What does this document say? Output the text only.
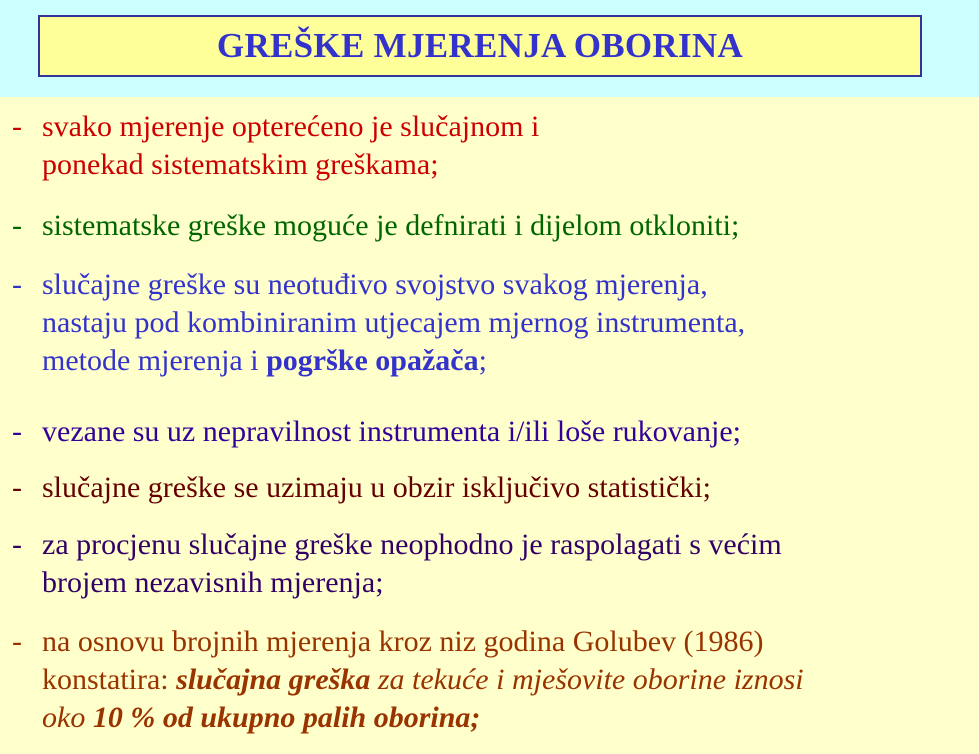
GREŠKE MJERENJA OBORINA
- svako mjerenje opterećeno je slučajnom i
ponekad sistematskim greškama;
- sistematske greške moguće je defnirati i dijelom otkloniti;
- slučajne greške su neotuđivo svojstvo svakog mjerenja,
nastaju pod kombiniranim utjecajem mjernog instrumenta,
metode mjerenja i pogrške opažača;
- vezane su uz nepravilnost instrumenta i/ili loše rukovanje;
- slučajne greške se uzimaju u obzir isključivo statistički;
- za procjenu slučajne greške neophodno je raspolagati s većim
brojem nezavisnih mjerenja;
- na osnovu brojnih mjerenja kroz niz godina Golubev (1986)
konstatira: slučajna greška za tekuće i mješovite oborine iznosi
oko 10 % od ukupno palih oborina;
